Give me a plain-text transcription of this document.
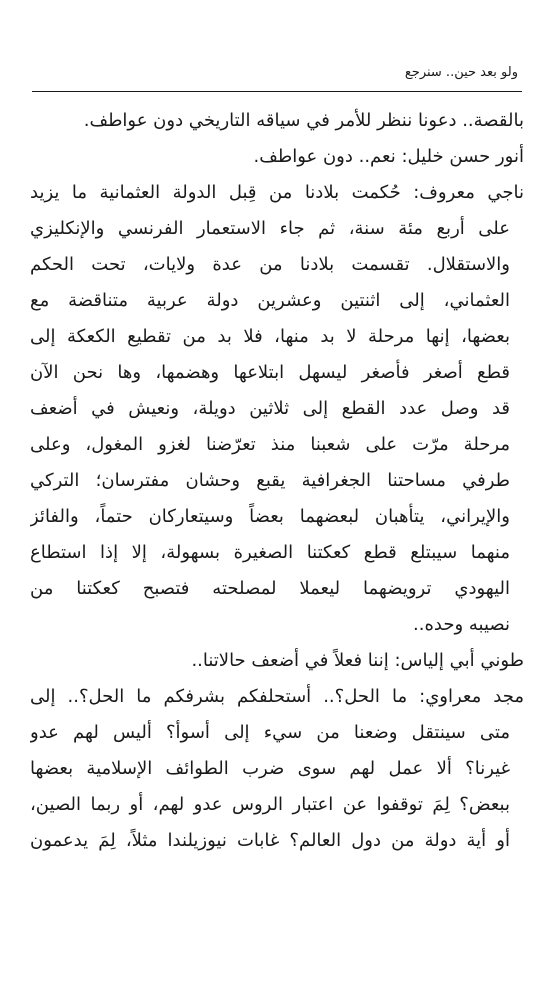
ولو بعد حين.. سنرجع
بالقصة.. دعونا ننظر للأمر في سياقه التاريخي دون عواطف.
أنور حسن خليل: نعم.. دون عواطف.
ناجي معروف: حُكمت بلادنا من قِبل الدولة العثمانية ما يزيد
على أربع مئة سنة، ثم جاء الاستعمار الفرنسي والإنكليزي
والاستقلال. تقسمت بلادنا من عدة ولايات، تحت الحكم
العثماني، إلى اثنتين وعشرين دولة عربية متناقضة مع
بعضها، إنها مرحلة لا بد منها، فلا بد من تقطيع الكعكة إلى
قطع أصغر فأصغر ليسهل ابتلاعها وهضمها، وها نحن الآن
قد وصل عدد القطع إلى ثلاثين دويلة، ونعيش في أضعف
مرحلة مرّت على شعبنا منذ تعرّضنا لغزو المغول، وعلى
طرفي مساحتنا الجغرافية يقبع وحشان مفترسان؛ التركي
والإيراني، يتأهبان لبعضهما بعضاً وسيتعاركان حتماً، والفائز
منهما سيبتلع قطع كعكتنا الصغيرة بسهولة، إلا إذا استطاع
اليهودي ترويضهما ليعملا لمصلحته فتصبح كعكتنا من
نصيبه وحده..
طوني أبي إلياس: إننا فعلاً في أضعف حالاتنا..
مجد معراوي: ما الحل؟.. أستحلفكم بشرفكم ما الحل؟.. إلى
متى سينتقل وضعنا من سيء إلى أسوأ؟ أليس لهم عدو
غيرنا؟ ألا عمل لهم سوى ضرب الطوائف الإسلامية بعضها
ببعض؟ لِمَ توقفوا عن اعتبار الروس عدو لهم، أو ربما الصين،
أو أية دولة من دول العالم؟ غابات نيوزيلندا مثلاً، لِمَ يدعمون
